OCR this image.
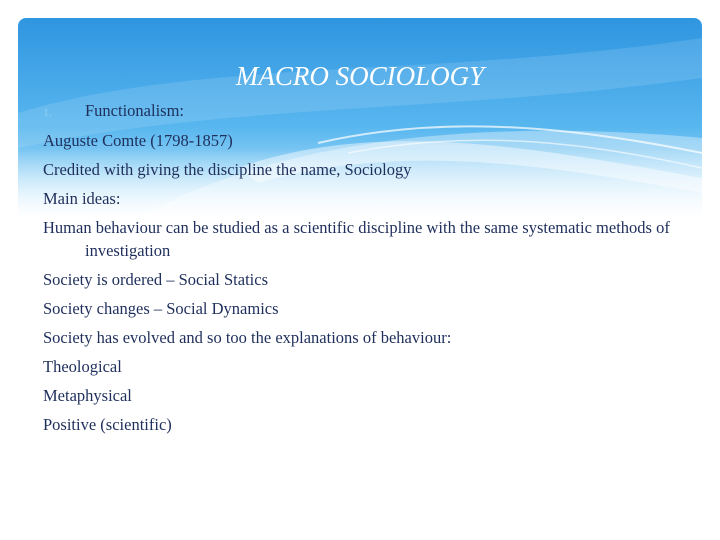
MACRO SOCIOLOGY
1.	Functionalism:
Auguste Comte (1798-1857)
Credited with giving the discipline the name, Sociology
Main ideas:
Human behaviour can be studied as a scientific discipline with the same systematic methods of investigation
Society is ordered – Social Statics
Society changes – Social Dynamics
Society has evolved and so too the explanations of behaviour:
Theological
Metaphysical
Positive (scientific)
